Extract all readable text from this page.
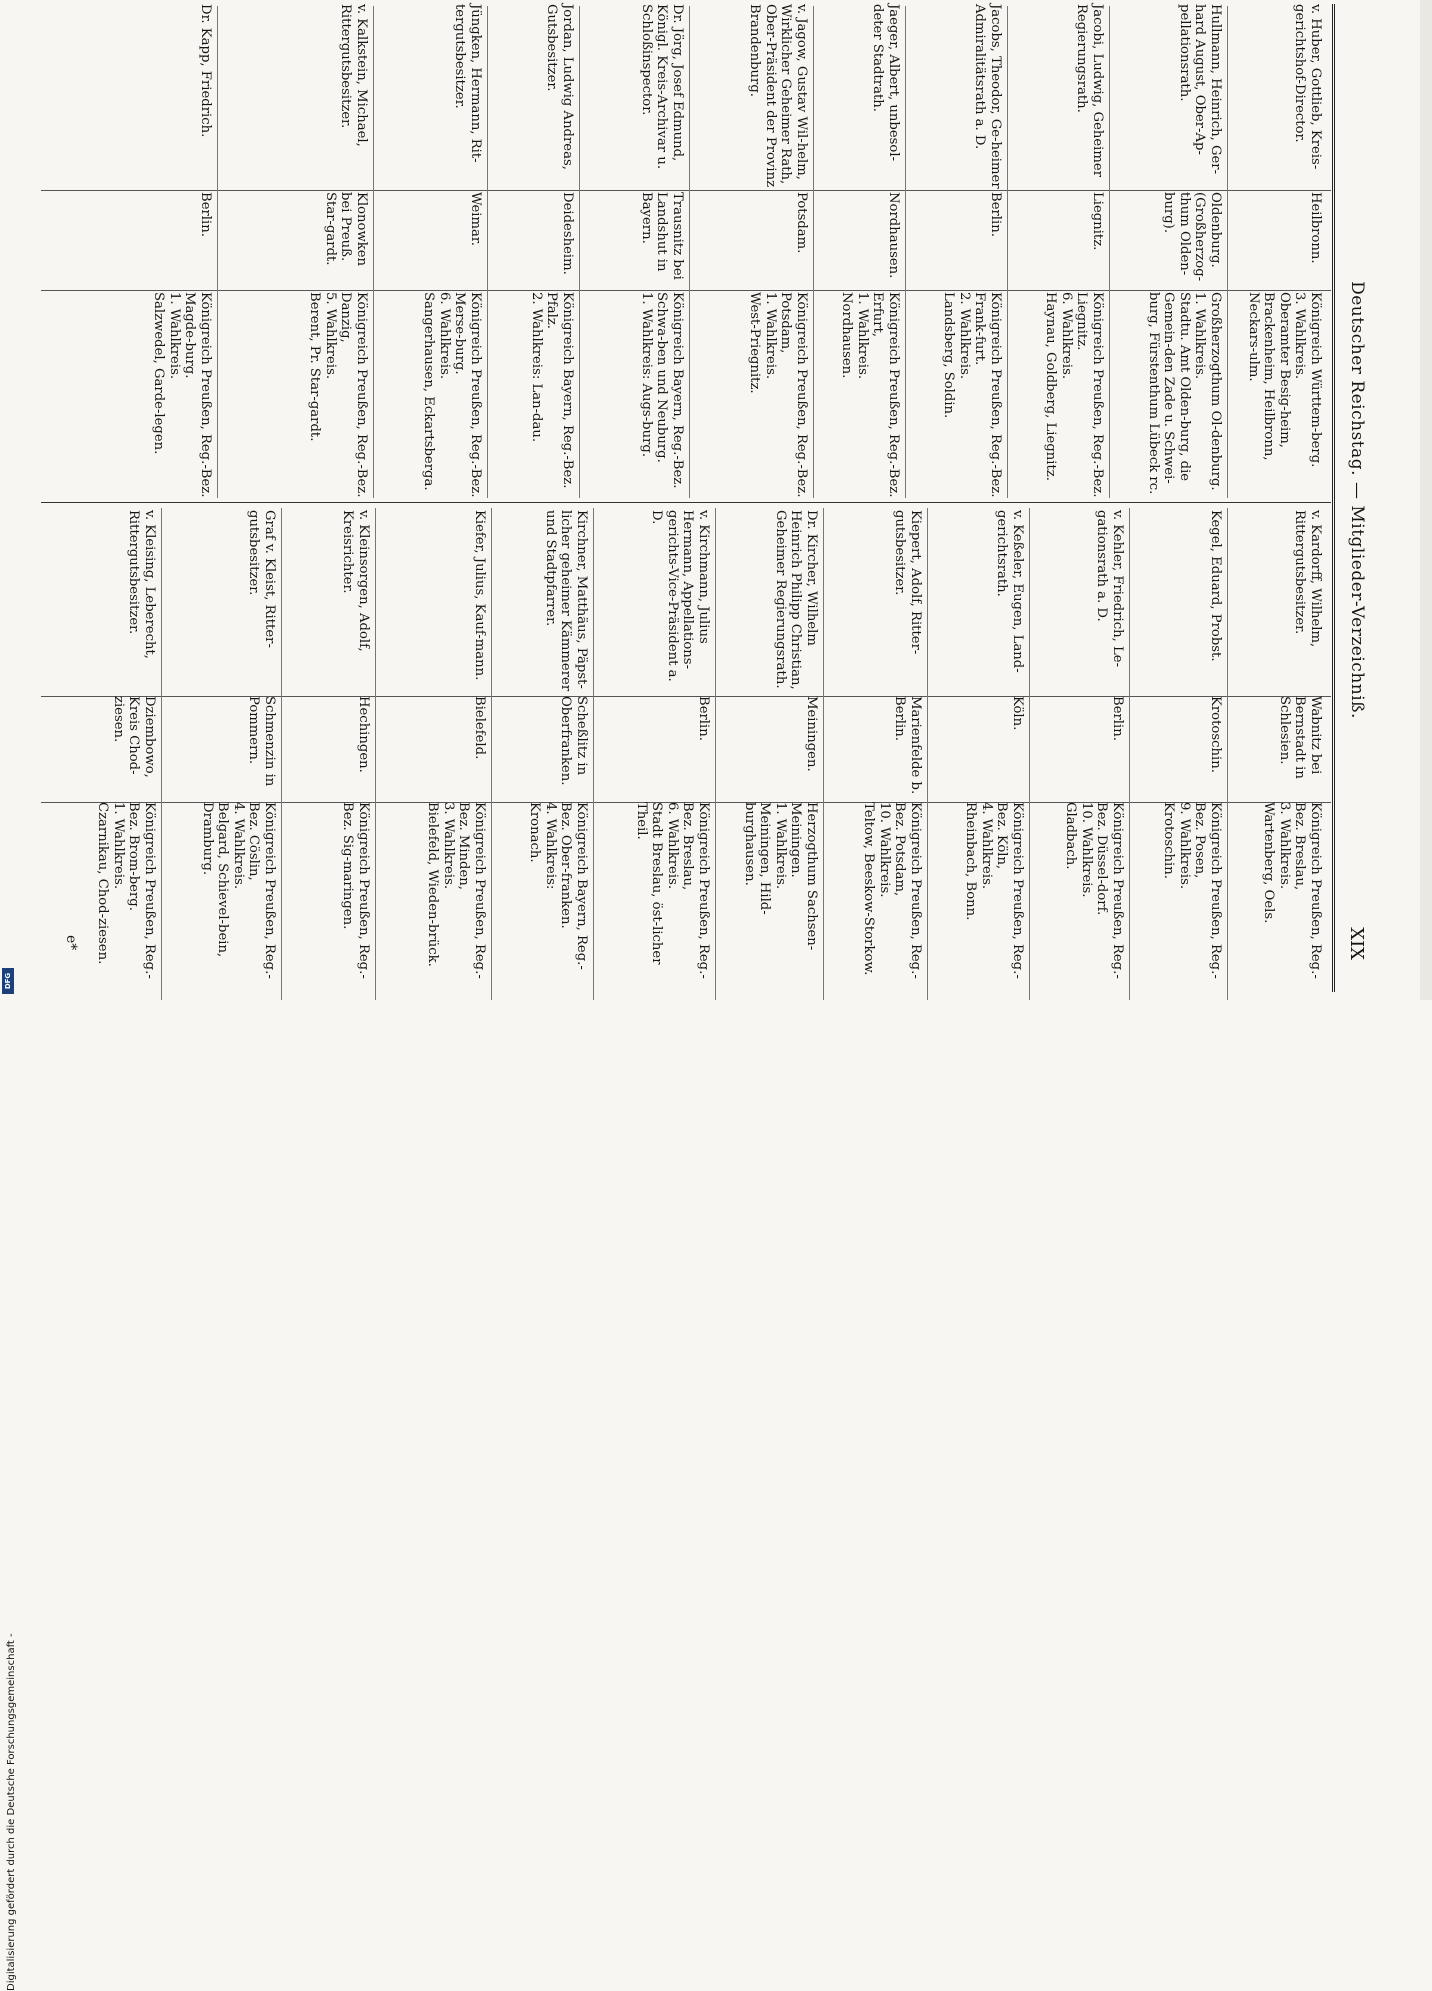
Digitalisierung gefördert durch die Deutsche Forschungsgemeinschaft -
DFG
Deutscher Reichstag. — Mitglieder-Verzeichniß.
XIX
e*
v. Huber, Gottlieb, Kreis-gerichtshof-Director.
Heilbronn.
Königreich Württem-berg.
3. Wahlkreis.
Oberamter Besig-heim, Brackenheim, Heilbronn, Neckars-ulm.
Hullmann, Heinrich, Ger-hard August, Ober-Ap-pellationsrath.
Oldenburg. (Großherzog-thum Olden-burg).
Großherzogthum Ol-denburg.
1. Wahlkreis.
Stadtu. Amt Olden-burg, die Gemein-den Zade u. Schwei-burg, Fürstenthum Lübeck rc.
Jacobi, Ludwig, Geheimer Regierungsrath.
Liegnitz.
Königreich Preußen, Reg.-Bez. Liegnitz.
6. Wahlkreis.
Haynau, Goldberg, Liegnitz.
Jacobs, Theodor, Ge-heimer Admiralitätsrath a. D.
Berlin.
Königreich Preußen, Reg.-Bez. Frank-furt.
2. Wahlkreis.
Landsberg, Soldin.
Jaeger, Albert, unbesol-deter Stadtrath.
Nordhausen.
Königreich Preußen, Reg.-Bez. Erfurt,
1. Wahlkreis.
Nordhausen.
v. Jagow, Gustav Wil-helm, Wirklicher Geheimer Rath, Ober-Präsident der Provinz Brandenburg.
Potsdam.
Königreich Preußen, Reg.-Bez. Potsdam,
1. Wahlkreis.
West-Priegnitz.
Dr. Jörg, Josef Edmund, Königl. Kreis-Archivar u. Schloßinspector.
Trausnitz bei Landshut in Bayern.
Königreich Bayern, Reg.-Bez. Schwa-ben und Neuburg.
1. Wahlkreis: Augs-burg.
Jordan, Ludwig Andreas, Gutsbesitzer.
Deidesheim.
Königreich Bayern, Reg.-Bez. Pfalz.
2. Wahlkreis: Lan-dau.
Jüngken, Hermann, Rit-tergutsbesitzer.
Weimar.
Königreich Preußen, Reg.-Bez. Merse-burg.
6. Wahlkreis.
Sangerhausen, Eckartsberga.
v. Kalkstein, Michael, Rittergutsbesitzer.
Klonowken bei Preuß. Star-gardt.
Königreich Preußen, Reg.-Bez. Danzig,
5. Wahlkreis.
Berent, Pr. Star-gardt.
Dr. Kapp, Friedrich.
Berlin.
Königreich Preußen, Reg.-Bez. Magde-burg.
1. Wahlkreis.
Salzwedel, Garde-legen.
v. Kardorff, Wilhelm, Rittergutsbesitzer.
Wabnitz bei Bernstadt in Schlesien.
Königreich Preußen, Reg.-Bez. Breslau,
3. Wahlkreis.
Wartenberg, Oels.
Kegel, Eduard, Probst.
Krotoschin.
Königreich Preußen, Reg.-Bez. Posen,
9. Wahlkreis.
Krotoschin.
v. Kehler, Friedrich, Le-gationsrath a. D.
Berlin.
Königreich Preußen, Reg.-Bez. Düssel-dorf.
10. Wahlkreis.
Gladbach.
v. Keßeler, Eugen, Land-gerichtsrath.
Köln.
Königreich Preußen, Reg.-Bez. Köln,
4. Wahlkreis.
Rheinbach, Bonn.
Kiepert, Adolf, Ritter-gutsbesitzer.
Marienfelde b. Berlin.
Königreich Preußen, Reg.-Bez. Potsdam,
10. Wahlkreis.
Teltow, Beeskow-Storkow.
Dr. Kircher, Wilhelm Heinrich Philipp Christian, Geheimer Regierungsrath.
Meiningen.
Herzogthum Sachsen-Meiningen.
1. Wahlkreis.
Meiningen, Hild-burghausen.
v. Kirchmann, Julius Hermann, Appellations-gerichts-Vice-Präsident a. D.
Berlin.
Königreich Preußen, Reg.-Bez. Breslau,
6. Wahlkreis.
Stadt Breslau, öst-licher Theil.
Kirchner, Matthäus, Päpst-licher geheimer Kämmerer und Stadtpfarrer.
Scheßlitz in Oberfranken.
Königreich Bayern, Reg.-Bez. Ober-franken.
4. Wahlkreis:
Kronach.
Kiefer, Julius, Kauf-mann.
Bielefeld.
Königreich Preußen, Reg.-Bez. Minden,
3. Wahlkreis.
Bielefeld, Wieden-brück.
v. Kleinsorgen, Adolf, Kreisrichter.
Hechingen.
Königreich Preußen, Reg.-Bez. Sig-maringen.
Graf v. Kleist, Ritter-gutsbesitzer.
Schmenzin in Pommern.
Königreich Preußen, Reg.-Bez. Cöslin,
4. Wahlkreis.
Belgard, Schievel-bein, Dramburg.
v. Kleising, Leberecht, Rittergutsbesitzer.
Dziembowo, Kreis Chod-ziesen.
Königreich Preußen, Reg.-Bez. Brom-berg.
1. Wahlkreis.
Czarnikau, Chod-ziesen.
